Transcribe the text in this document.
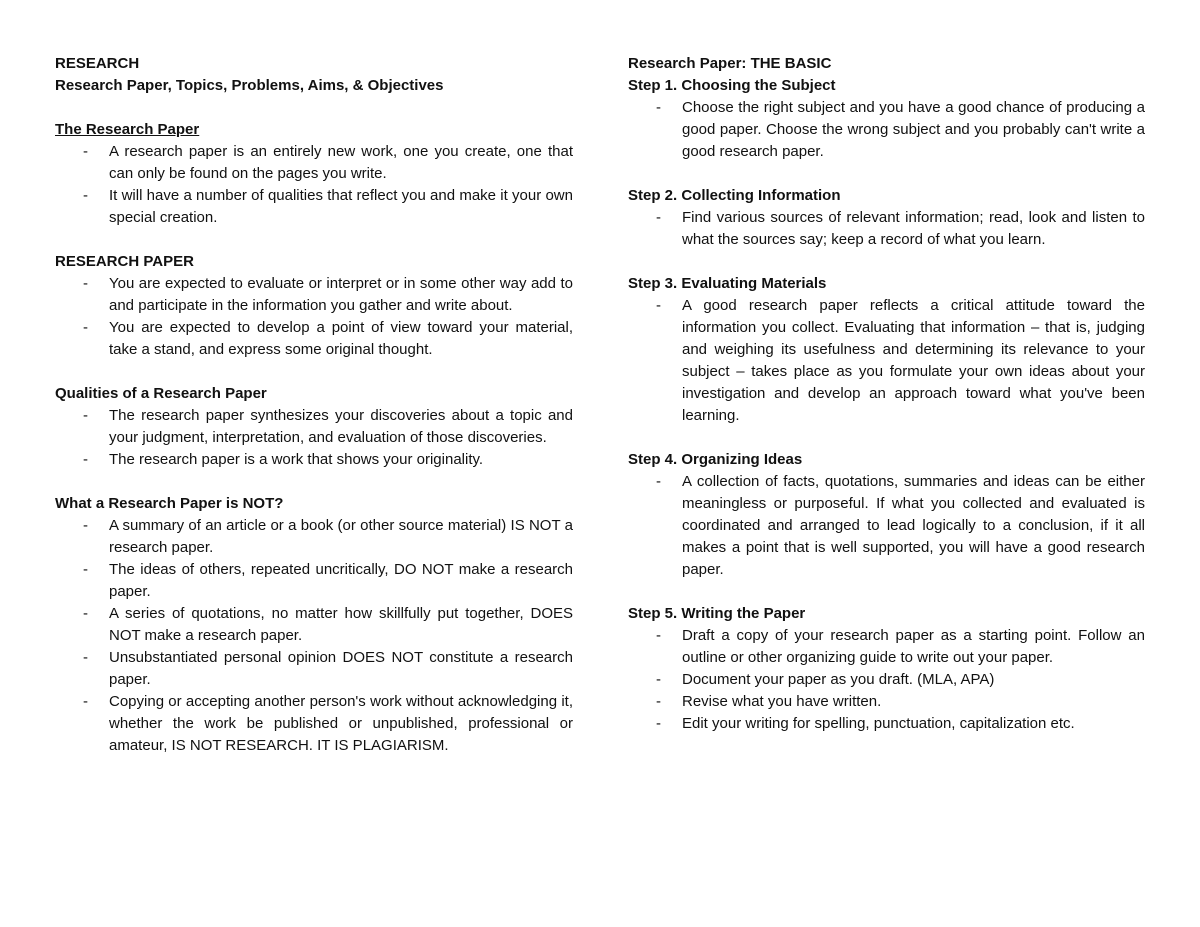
RESEARCH

Research Paper, Topics, Problems, Aims, & Objectives

The Research Paper

-	A research paper is an entirely new work, one you create, one that can only be found on the pages you write.
-	It will have a number of qualities that reflect you and make it your own special creation.

RESEARCH PAPER

-	You are expected to evaluate or interpret or in some other way add to and participate in the information you gather and write about.
-	You are expected to develop a point of view toward your material, take a stand, and express some original thought.

Qualities of a Research Paper

-	The research paper synthesizes your discoveries about a topic and your judgment, interpretation, and evaluation of those discoveries.
-	The research paper is a work that shows your originality.

What a Research Paper is NOT?

-	A summary of an article or a book (or other source material) IS NOT a research paper.
-	The ideas of others, repeated uncritically, DO NOT make a research paper.
-	A series of quotations, no matter how skillfully put together, DOES NOT make a research paper.
-	Unsubstantiated personal opinion DOES NOT constitute a research paper.
-	Copying or accepting another person's work without acknowledging it, whether the work be published or unpublished, professional or amateur, IS NOT RESEARCH. IT IS PLAGIARISM.

Research Paper: THE BASIC

Step 1. Choosing the Subject

-	Choose the right subject and you have a good chance of producing a good paper. Choose the wrong subject and you probably can't write a good research paper.

Step 2. Collecting Information

-	Find various sources of relevant information; read, look and listen to what the sources say; keep a record of what you learn.

Step 3. Evaluating Materials

-	A good research paper reflects a critical attitude toward the information you collect. Evaluating that information – that is, judging and weighing its usefulness and determining its relevance to your subject – takes place as you formulate your own ideas about your investigation and develop an approach toward what you've been learning.

Step 4. Organizing Ideas

-	A collection of facts, quotations, summaries and ideas can be either meaningless or purposeful. If what you collected and evaluated is coordinated and arranged to lead logically to a conclusion, if it all makes a point that is well supported, you will have a good research paper.

Step 5. Writing the Paper

-	Draft a copy of your research paper as a starting point. Follow an outline or other organizing guide to write out your paper.
-	Document your paper as you draft. (MLA, APA)
-	Revise what you have written.
-	Edit your writing for spelling, punctuation, capitalization etc.
